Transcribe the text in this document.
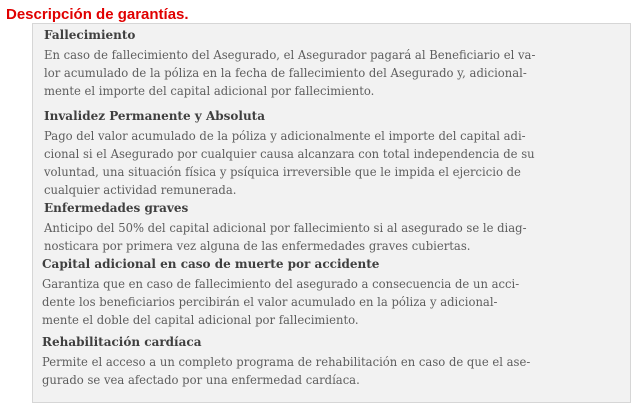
Descripción de garantías.

Fallecimiento

En caso de fallecimiento del Asegurado, el Asegurador pagará al Beneficiario el va-
lor acumulado de la póliza en la fecha de fallecimiento del Asegurado y, adicional-
mente el importe del capital adicional por fallecimiento.

Invalidez Permanente y Absoluta

Pago del valor acumulado de la póliza y adicionalmente el importe del capital adi-
cional si el Asegurado por cualquier causa alcanzara con total independencia de su
voluntad, una situación física y psíquica irreversible que le impida el ejercicio de
cualquier actividad remunerada.

Enfermedades graves

Anticipo del 50% del capital adicional por fallecimiento si al asegurado se le diag-
nosticara por primera vez alguna de las enfermedades graves cubiertas.

Capital adicional en caso de muerte por accidente

Garantiza que en caso de fallecimiento del asegurado a consecuencia de un acci-
dente los beneficiarios percibirán el valor acumulado en la póliza y adicional-
mente el doble del capital adicional por fallecimiento.

Rehabilitación cardíaca

Permite el acceso a un completo programa de rehabilitación en caso de que el ase-
gurado se vea afectado por una enfermedad cardíaca.
